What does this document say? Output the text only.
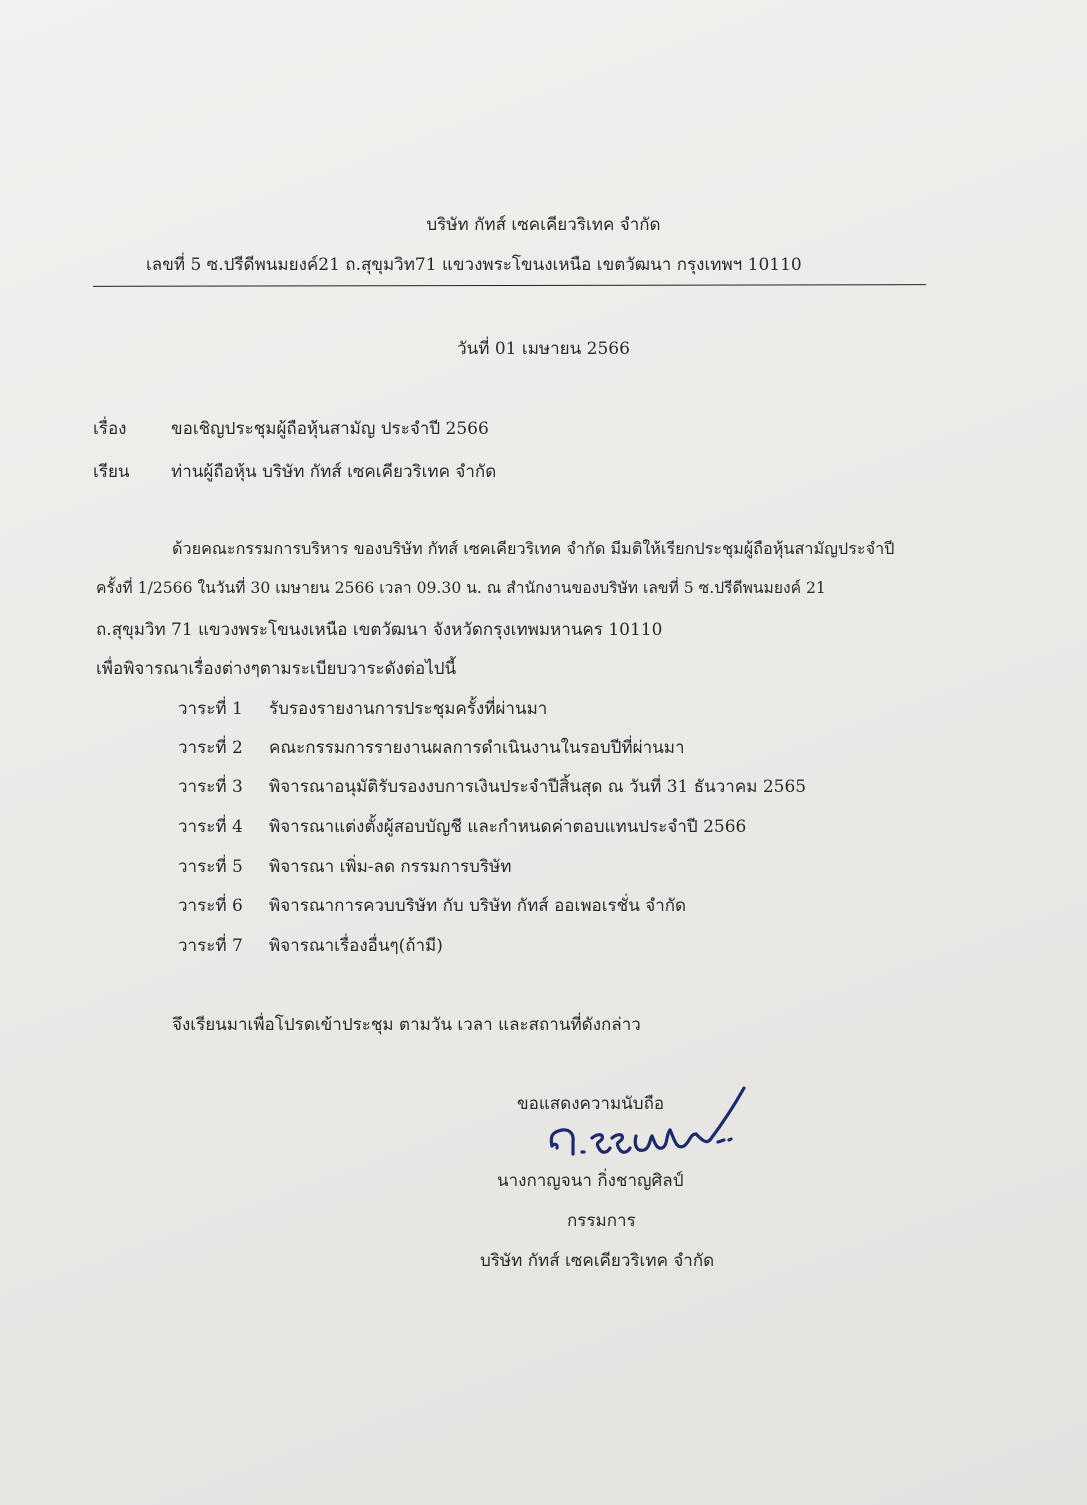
บริษัท กัทส์ เซคเคียวริเทค จำกัด
เลขที่ 5 ซ.ปรีดีพนมยงค์21 ถ.สุขุมวิท71 แขวงพระโขนงเหนือ เขตวัฒนา กรุงเทพฯ 10110
วันที่ 01 เมษายน 2566
เรื่อง	ขอเชิญประชุมผู้ถือหุ้นสามัญ ประจำปี 2566
เรียน ท่านผู้ถือหุ้น บริษัท กัทส์ เซคเคียวริเทค จำกัด
ด้วยคณะกรรมการบริหาร ของบริษัท กัทส์ เซคเคียวริเทค จำกัด มีมติให้เรียกประชุมผู้ถือหุ้นสามัญประจำปี
ครั้งที่ 1/2566 ในวันที่ 30 เมษายน 2566 เวลา 09.30 น. ณ สำนักงานของบริษัท เลขที่ 5 ซ.ปรีดีพนมยงค์ 21
ถ.สุขุมวิท 71 แขวงพระโขนงเหนือ เขตวัฒนา จังหวัดกรุงเทพมหานคร 10110
เพื่อพิจารณาเรื่องต่างๆตามระเบียบวาระดังต่อไปนี้
วาระที่ 1 รับรองรายงานการประชุมครั้งที่ผ่านมา
วาระที่ 2 คณะกรรมการรายงานผลการดำเนินงานในรอบปีที่ผ่านมา
วาระที่ 3 พิจารณาอนุมัติรับรองงบการเงินประจำปีสิ้นสุด ณ วันที่ 31 ธันวาคม 2565
วาระที่ 4 พิจารณาแต่งตั้งผู้สอบบัญชี และกำหนดค่าตอบแทนประจำปี 2566
วาระที่ 5 พิจารณา เพิ่ม-ลด กรรมการบริษัท
วาระที่ 6 พิจารณาการควบบริษัท กับ บริษัท กัทส์ ออเพอเรชั่น จำกัด
วาระที่ 7 พิจารณาเรื่องอื่นๆ(ถ้ามี)
จึงเรียนมาเพื่อโปรดเข้าประชุม ตามวัน เวลา และสถานที่ดังกล่าว
ขอแสดงความนับถือ
นางกาญจนา กิ่งชาญศิลป์
กรรมการ
บริษัท กัทส์ เซคเคียวริเทค จำกัด
